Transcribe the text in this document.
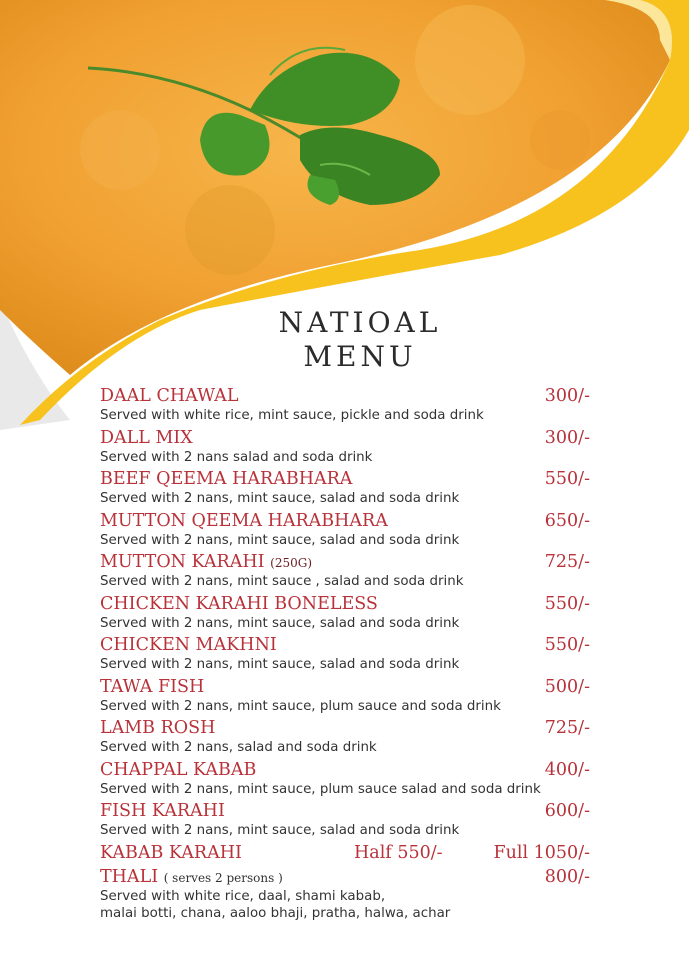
NATIOAL
MENU
DAAL CHAWAL	300/-
Served with white rice, mint sauce, pickle and soda drink
DALL MIX	300/-
Served with 2 nans salad and soda drink
BEEF QEEMA HARABHARA	550/-
Served with 2 nans, mint sauce, salad and soda drink
MUTTON QEEMA HARABHARA	650/-
Served with 2 nans, mint sauce, salad and soda drink
MUTTON KARAHI (250G)	725/-
Served with 2 nans, mint sauce , salad and soda drink
CHICKEN KARAHI BONELESS	550/-
Served with 2 nans, mint sauce, salad and soda drink
CHICKEN MAKHNI	550/-
Served with 2 nans, mint sauce, salad and soda drink
TAWA FISH	500/-
Served with 2 nans, mint sauce, plum sauce and soda drink
LAMB ROSH	725/-
Served with 2 nans, salad and soda drink
CHAPPAL KABAB	400/-
Served with 2 nans, mint sauce, plum sauce salad and soda drink
FISH KARAHI	600/-
Served with 2 nans, mint sauce, salad and soda drink
KABAB KARAHI	Half 550/-	Full 1050/-
THALI ( serves 2 persons )	800/-
Served with white rice, daal, shami kabab,
malai botti, chana, aaloo bhaji, pratha, halwa, achar
